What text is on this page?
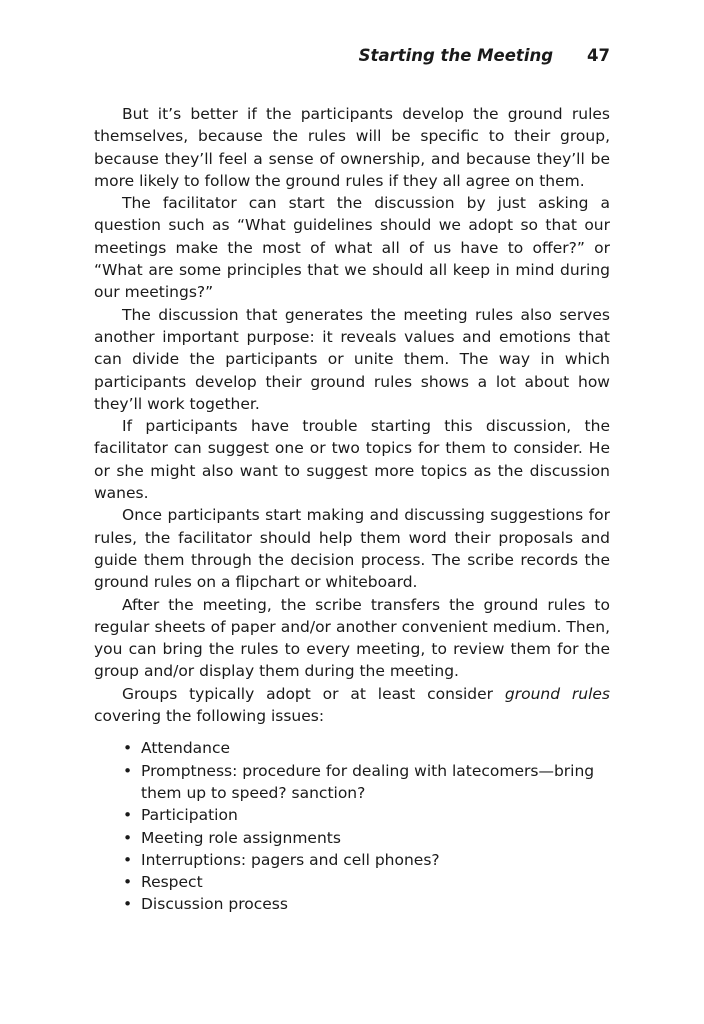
Starting the Meeting 47

But it’s better if the participants develop the ground rules themselves, because the rules will be specific to their group, because they’ll feel a sense of ownership, and because they’ll be more likely to follow the ground rules if they all agree on them.

The facilitator can start the discussion by just asking a question such as “What guidelines should we adopt so that our meetings make the most of what all of us have to offer?” or “What are some principles that we should all keep in mind during our meetings?”

The discussion that generates the meeting rules also serves another important purpose: it reveals values and emotions that can divide the participants or unite them. The way in which participants develop their ground rules shows a lot about how they’ll work together.

If participants have trouble starting this discussion, the facilitator can suggest one or two topics for them to consider. He or she might also want to suggest more topics as the discussion wanes.

Once participants start making and discussing suggestions for rules, the facilitator should help them word their proposals and guide them through the decision process. The scribe records the ground rules on a flipchart or whiteboard.

After the meeting, the scribe transfers the ground rules to regular sheets of paper and/or another convenient medium. Then, you can bring the rules to every meeting, to review them for the group and/or display them during the meeting.

Groups typically adopt or at least consider ground rules covering the following issues:

• Attendance
• Promptness: procedure for dealing with latecomers—bring them up to speed? sanction?
• Participation
• Meeting role assignments
• Interruptions: pagers and cell phones?
• Respect
• Discussion process
